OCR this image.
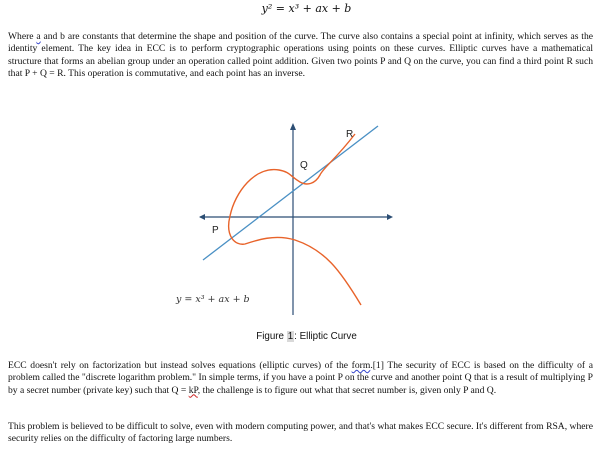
y² = x³ + ax + b

Where a and b are constants that determine the shape and position of the curve. The curve also contains a special point at infinity, which serves as the identity element. The key idea in ECC is to perform cryptographic operations using points on these curves. Elliptic curves have a mathematical structure that forms an abelian group under an operation called point addition. Given two points P and Q on the curve, you can find a third point R such that P + Q = R. This operation is commutative, and each point has an inverse.

R
Q
P
y = x³ + ax + b
Figure 1: Elliptic Curve

ECC doesn't rely on factorization but instead solves equations (elliptic curves) of the form.[1] The security of ECC is based on the difficulty of a problem called the "discrete logarithm problem." In simple terms, if you have a point P on the curve and another point Q that is a result of multiplying P by a secret number (private key) such that Q = kP, the challenge is to figure out what that secret number is, given only P and Q.

This problem is believed to be difficult to solve, even with modern computing power, and that's what makes ECC secure. It's different from RSA, where security relies on the difficulty of factoring large numbers.
